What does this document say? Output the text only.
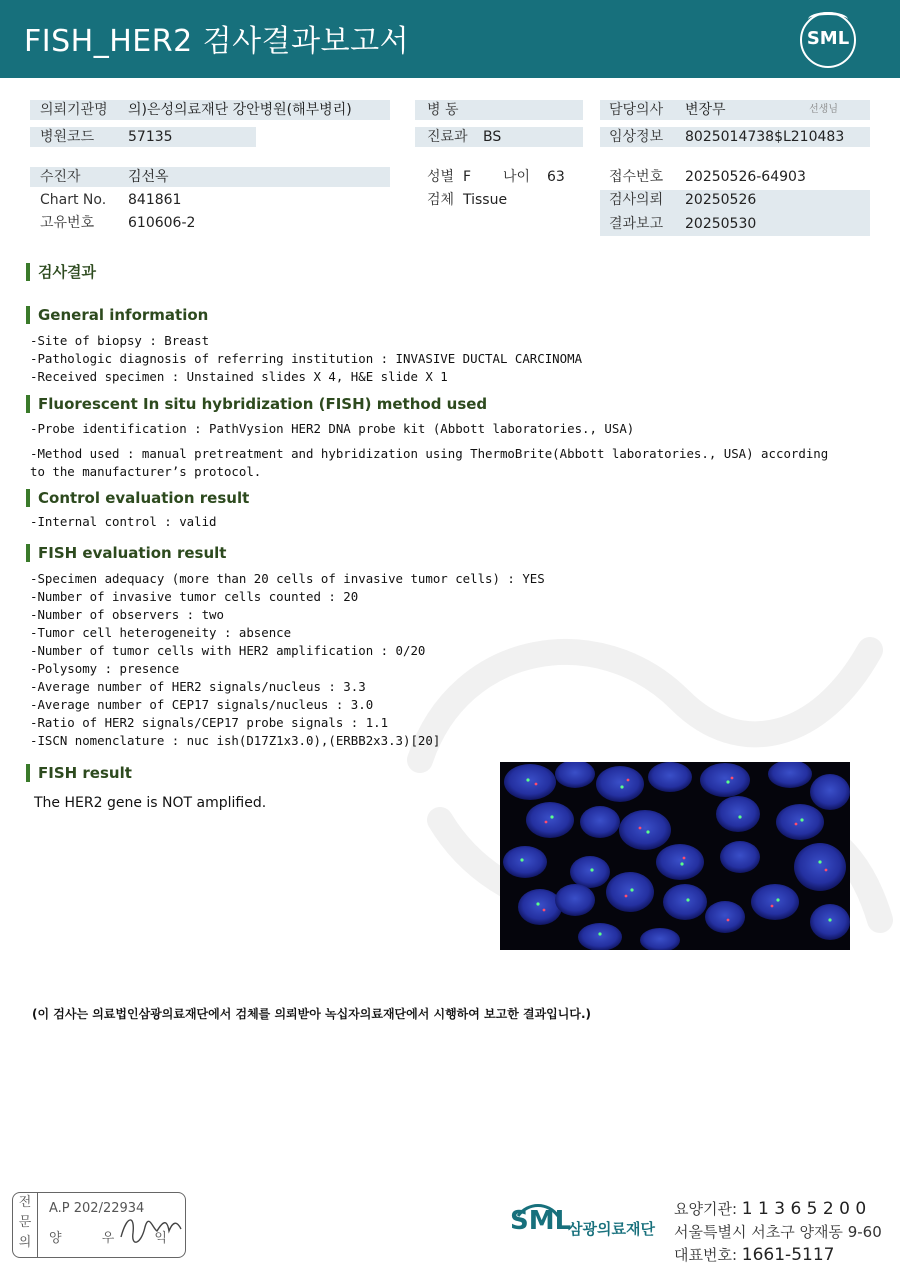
FISH_HER2 검사결과보고서	SML
의뢰기관명 의)은성의료재단 강안병원(해부병리)
병원코드 57135
병 동
진료과 BS
담당의사 변장무	선생님
임상정보 8025014738$L210483
수진자	김선옥
Chart No. 841861
고유번호 610606-2
성별 F 나이 63
검체 Tissue
접수번호 20250526-64903
검사의뢰 20250526
결과보고 20250530
검사결과
General information
-Site of biopsy : Breast
-Pathologic diagnosis of referring institution : INVASIVE DUCTAL CARCINOMA
-Received specimen : Unstained slides X 4, H&E slide X 1
Fluorescent In situ hybridization (FISH) method used
-Probe identification : PathVysion HER2 DNA probe kit (Abbott laboratories., USA)
-Method used : manual pretreatment and hybridization using ThermoBrite(Abbott laboratories., USA) according
to the manufacturer’s protocol.
Control evaluation result
-Internal control : valid
FISH evaluation result
-Specimen adequacy (more than 20 cells of invasive tumor cells) : YES
-Number of invasive tumor cells counted : 20
-Number of observers : two
-Tumor cell heterogeneity : absence
-Number of tumor cells with HER2 amplification : 0/20
-Polysomy : presence
-Average number of HER2 signals/nucleus : 3.3
-Average number of CEP17 signals/nucleus : 3.0
-Ratio of HER2 signals/CEP17 probe signals : 1.1
-ISCN nomenclature : nuc ish(D17Z1x3.0),(ERBB2x3.3)[20]
FISH result
The HER2 gene is NOT amplified.
(이 검사는 의료법인삼광의료재단에서 검체를 의뢰받아 녹십자의료재단에서 시행하여 보고한 결과입니다.)
전
문
의
A.P 202/22934
양 우 익
SML
삼광의료재단
요양기관: 1 1 3 6 5 2 0 0
서울특별시 서초구 양재동 9-60
대표번호: 1661-5117
